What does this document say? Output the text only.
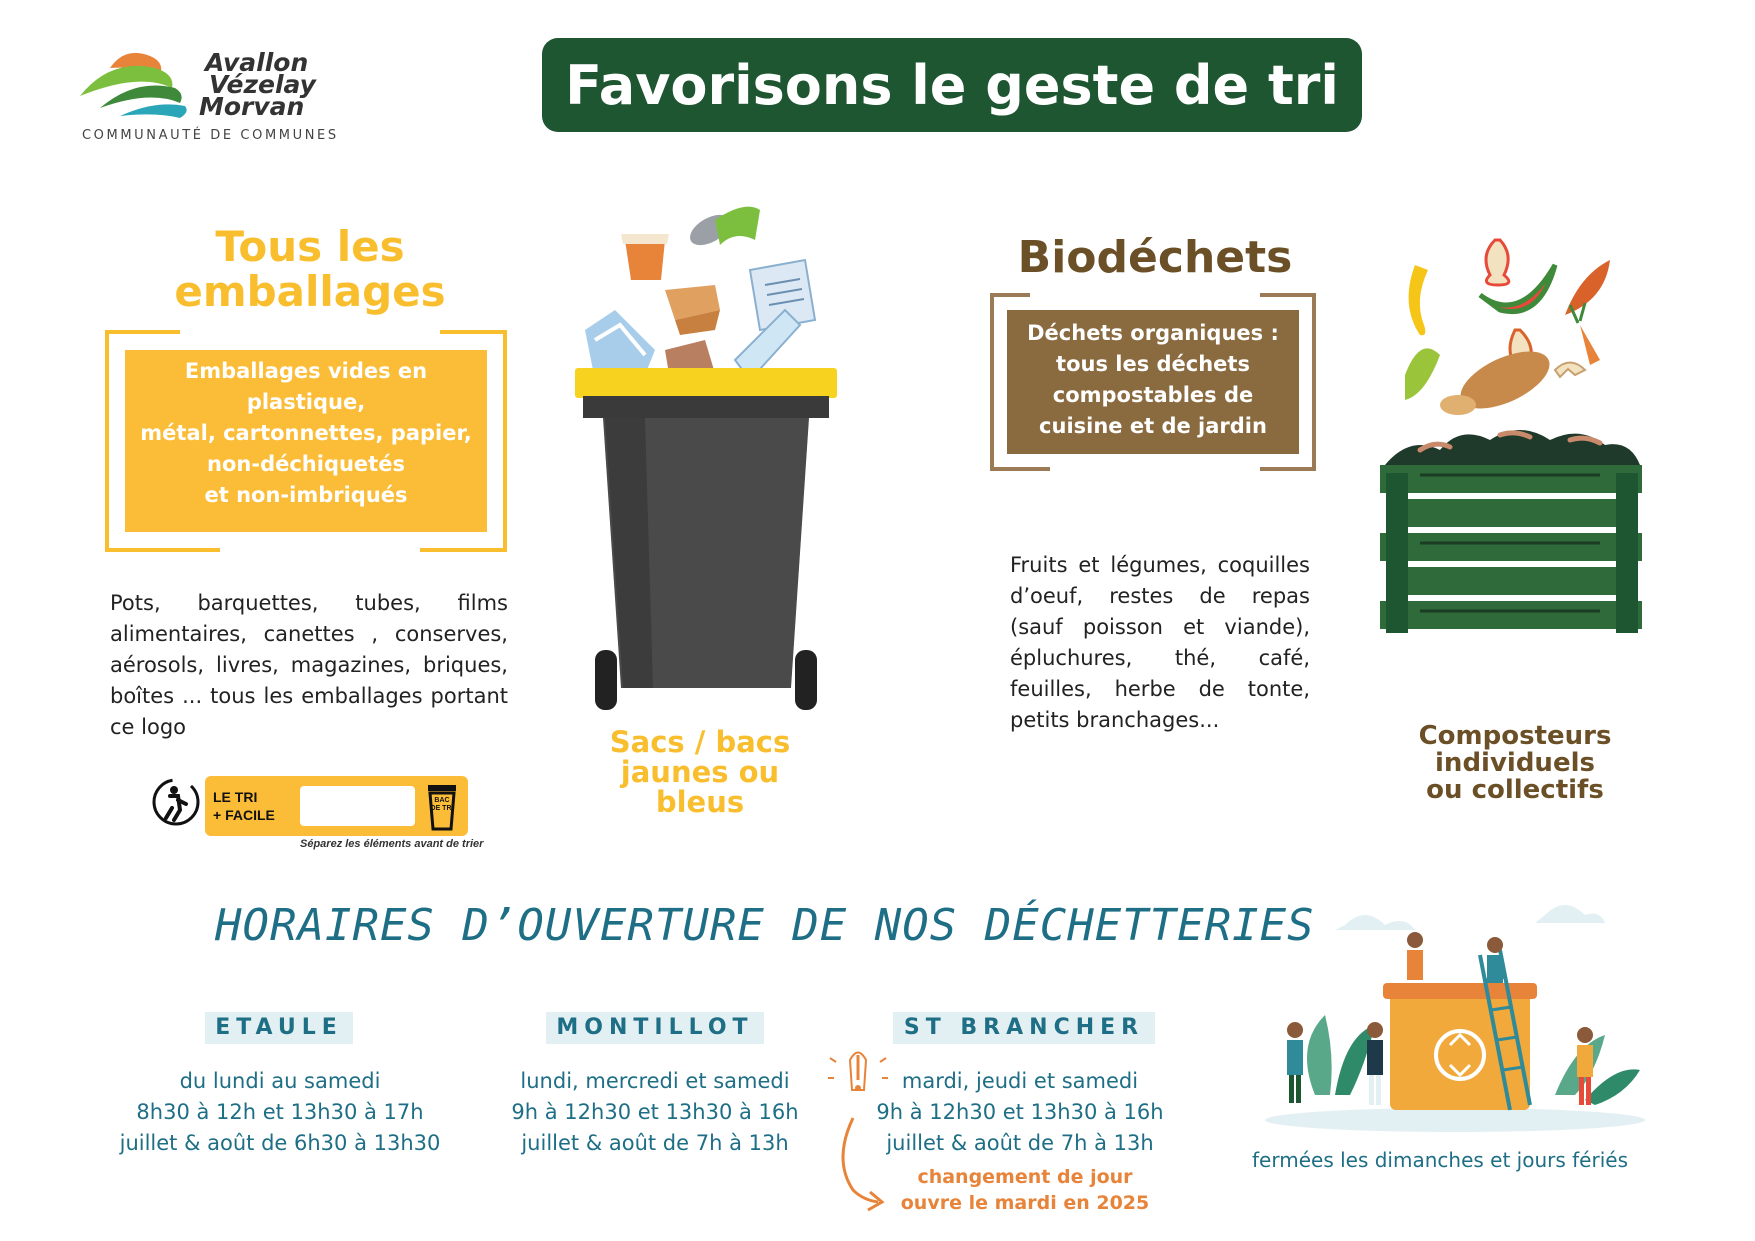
Avallon
Vézelay
Morvan
COMMUNAUTÉ DE COMMUNES
Favorisons le geste de tri
Tous les
emballages
Emballages vides en
plastique,
métal, cartonnettes, papier,
non-déchiquetés
et non-imbriqués
Pots, barquettes, tubes, films alimentaires, canettes , conserves, aérosols, livres, magazines, briques, boîtes ... tous les emballages portant ce logo
LE TRI
+ FACILE
BAC DE TRI
Séparez les éléments avant de trier
Sacs / bacs
jaunes ou
bleus
Biodéchets
Déchets organiques :
tous les déchets
compostables de
cuisine et de jardin
Fruits et légumes, coquilles d’oeuf, restes de repas (sauf poisson et viande), épluchures, thé, café, feuilles, herbe de tonte, petits branchages...
Composteurs
individuels
ou collectifs
HORAIRES D’OUVERTURE DE NOS DÉCHETTERIES
ETAULE
du lundi au samedi
8h30 à 12h et 13h30 à 17h
juillet & août de 6h30 à 13h30
MONTILLOT
lundi, mercredi et samedi
9h à 12h30 et 13h30 à 16h
juillet & août de 7h à 13h
ST BRANCHER
mardi, jeudi et samedi
9h à 12h30 et 13h30 à 16h
juillet & août de 7h à 13h
changement de jour
ouvre le mardi en 2025
fermées les dimanches et jours fériés
